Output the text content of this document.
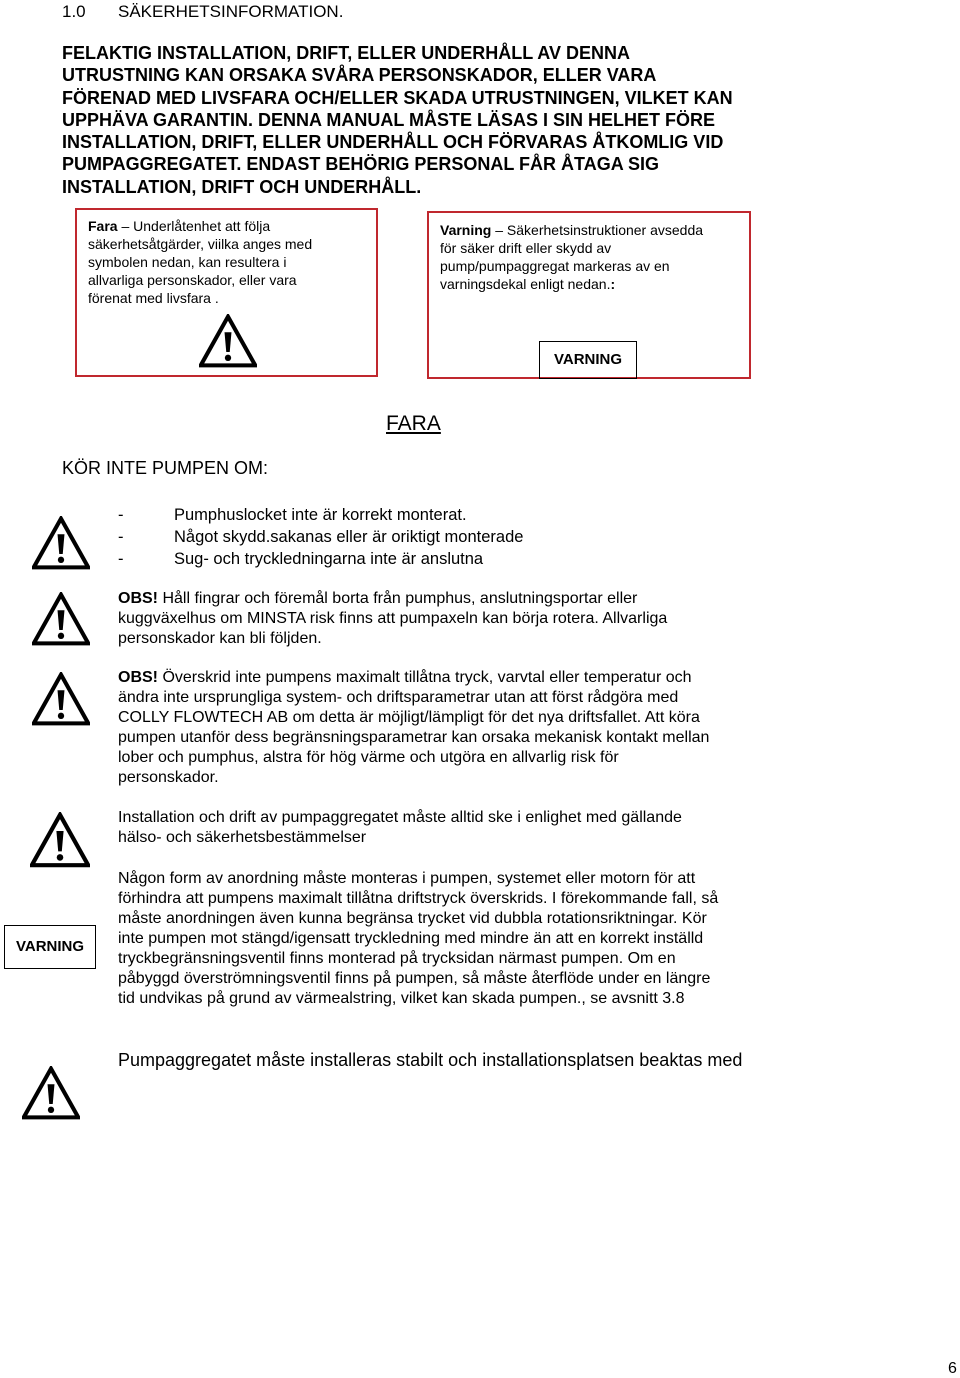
1.0 SÄKERHETSINFORMATION.
FELAKTIG INSTALLATION, DRIFT, ELLER UNDERHÅLL AV DENNA
UTRUSTNING KAN ORSAKA SVÅRA PERSONSKADOR, ELLER VARA
FÖRENAD MED LIVSFARA OCH/ELLER SKADA UTRUSTNINGEN, VILKET KAN
UPPHÄVA GARANTIN. DENNA MANUAL MÅSTE LÄSAS I SIN HELHET FÖRE
INSTALLATION, DRIFT, ELLER UNDERHÅLL OCH FÖRVARAS ÅTKOMLIG VID
PUMPAGGREGATET. ENDAST BEHÖRIG PERSONAL FÅR ÅTAGA SIG
INSTALLATION, DRIFT OCH UNDERHÅLL.
Fara – Underlåtenhet att följa
säkerhetsåtgärder, viilka anges med
symbolen nedan, kan resultera i
allvarliga personskador, eller vara
förenat med livsfara .
Varning – Säkerhetsinstruktioner avsedda
för säker drift eller skydd av
pump/pumpaggregat markeras av en
varningsdekal enligt nedan.:
VARNING
FARA
KÖR INTE PUMPEN OM:
-	Pumphuslocket inte är korrekt monterat.
-	Något skydd.sakanas eller är oriktigt monterade
-	Sug- och tryckledningarna inte är anslutna
OBS! Håll fingrar och föremål borta från pumphus, anslutningsportar eller
kuggväxelhus om MINSTA risk finns att pumpaxeln kan börja rotera. Allvarliga
personskador kan bli följden.
OBS! Överskrid inte pumpens maximalt tillåtna tryck, varvtal eller temperatur och
ändra inte ursprungliga system- och driftsparametrar utan att först rådgöra med
COLLY FLOWTECH AB om detta är möjligt/lämpligt för det nya driftsfallet. Att köra
pumpen utanför dess begränsningsparametrar kan orsaka mekanisk kontakt mellan
lober och pumphus, alstra för hög värme och utgöra en allvarlig risk för
personskador.
Installation och drift av pumpaggregatet måste alltid ske i enlighet med gällande
hälso- och säkerhetsbestämmelser
VARNING
Någon form av anordning måste monteras i pumpen, systemet eller motorn för att
förhindra att pumpens maximalt tillåtna driftstryck överskrids. I förekommande fall, så
måste anordningen även kunna begränsa trycket vid dubbla rotationsriktningar. Kör
inte pumpen mot stängd/igensatt tryckledning med mindre än att en korrekt inställd
tryckbegränsningsventil finns monterad på trycksidan närmast pumpen. Om en
påbyggd överströmningsventil finns på pumpen, så måste återflöde under en längre
tid undvikas på grund av värmealstring, vilket kan skada pumpen., se avsnitt 3.8
Pumpaggregatet måste installeras stabilt och installationsplatsen beaktas med
6
